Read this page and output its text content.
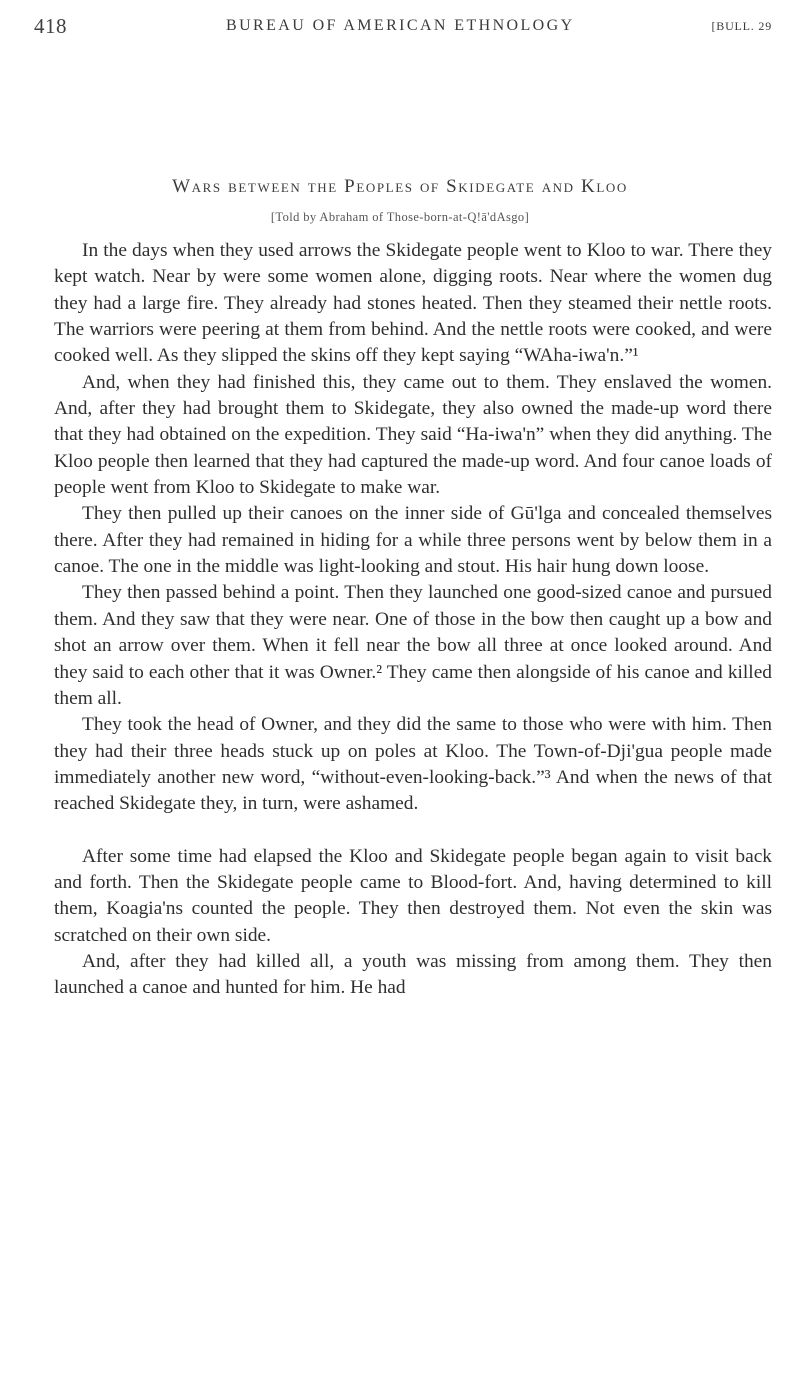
418	BUREAU OF AMERICAN ETHNOLOGY	[BULL. 29
Wars between the Peoples of Skidegate and Kloo
[Told by Abraham of Those-born-at-Q!ā'dAsgo]

In the days when they used arrows the Skidegate people went to Kloo to war. There they kept watch. Near by were some women alone, digging roots. Near where the women dug they had a large fire. They already had stones heated. Then they steamed their nettle roots. The warriors were peering at them from behind. And the nettle roots were cooked, and were cooked well. As they slipped the skins off they kept saying “WAha-iwa'n.”¹

And, when they had finished this, they came out to them. They enslaved the women. And, after they had brought them to Skidegate, they also owned the made-up word there that they had obtained on the expedition. They said “Ha-iwa'n” when they did anything. The Kloo people then learned that they had captured the made-up word. And four canoe loads of people went from Kloo to Skidegate to make war.

They then pulled up their canoes on the inner side of Gū'lga and concealed themselves there. After they had remained in hiding for a while three persons went by below them in a canoe. The one in the middle was light-looking and stout. His hair hung down loose.

They then passed behind a point. Then they launched one good-sized canoe and pursued them. And they saw that they were near. One of those in the bow then caught up a bow and shot an arrow over them. When it fell near the bow all three at once looked around. And they said to each other that it was Owner.² They came then alongside of his canoe and killed them all.

They took the head of Owner, and they did the same to those who were with him. Then they had their three heads stuck up on poles at Kloo. The Town-of-Dji'gua people made immediately another new word, “without-even-looking-back.”³ And when the news of that reached Skidegate they, in turn, were ashamed.

After some time had elapsed the Kloo and Skidegate people began again to visit back and forth. Then the Skidegate people came to Blood-fort. And, having determined to kill them, Koagia'ns counted the people. They then destroyed them. Not even the skin was scratched on their own side.

And, after they had killed all, a youth was missing from among them. They then launched a canoe and hunted for him. He had
